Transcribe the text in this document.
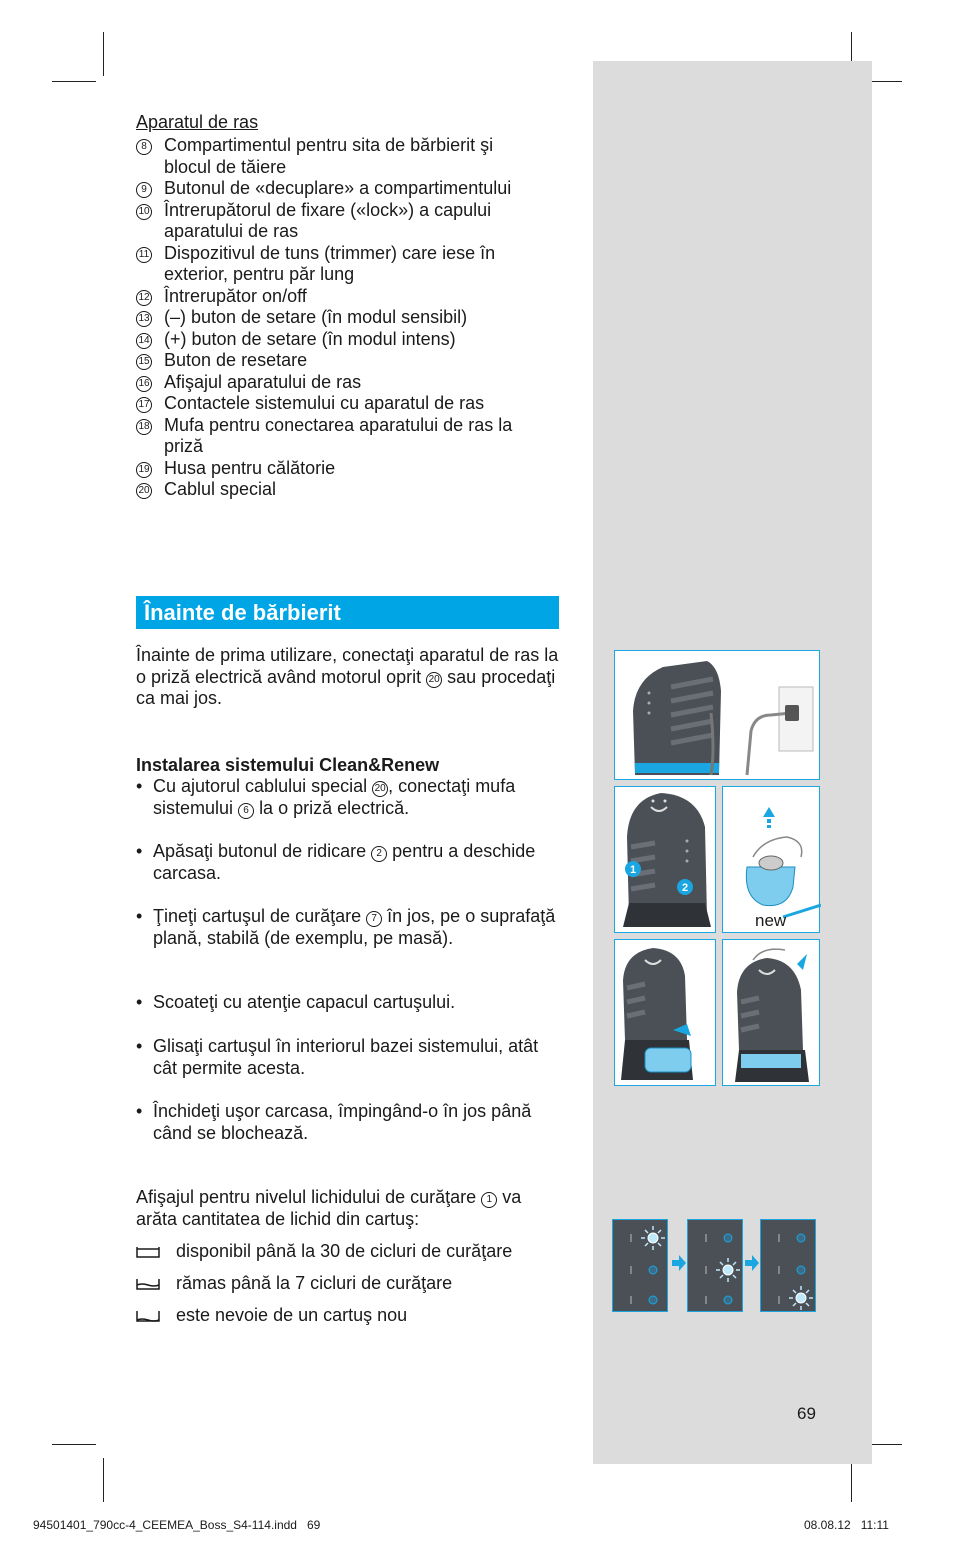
Aparatul de ras
8 Compartimentul pentru sita de bărbierit şi blocul de tăiere
9 Butonul de «decuplare» a compartimentului
10 Întrerupătorul de fixare («lock») a capului aparatului de ras
11 Dispozitivul de tuns (trimmer) care iese în exterior, pentru păr lung
12 Întrerupător on/off
13 (–) buton de setare (în modul sensibil)
14 (+) buton de setare (în modul intens)
15 Buton de resetare
16 Afişajul aparatului de ras
17 Contactele sistemului cu aparatul de ras
18 Mufa pentru conectarea aparatului de ras la priză
19 Husa pentru călătorie
20 Cablul special
Înainte de bărbierit
Înainte de prima utilizare, conectaţi aparatul de ras la o priză electrică având motorul oprit 20 sau procedaţi ca mai jos.
Instalarea sistemului Clean&Renew
• Cu ajutorul cablului special 20 , conectaţi mufa sistemului 6 la o priză electrică.
• Apăsaţi butonul de ridicare 2 pentru a deschide carcasa.
• Ţineţi cartuşul de curăţare 7 în jos, pe o suprafaţă plană, stabilă (de exemplu, pe masă).
• Scoateţi cu atenţie capacul cartuşului.
• Glisaţi cartuşul în interiorul bazei sistemului, atât cât permite acesta.
• Închideţi uşor carcasa, împingând-o în jos până când se blochează.
Afişajul pentru nivelul lichidului de curăţare 1 va arăta cantitatea de lichid din cartuş:
disponibil până la 30 de cicluri de curăţare
rămas până la 7 cicluri de curăţare
este nevoie de un cartuş nou
1
2
new
69
94501401_790cc-4_CEEMEA_Boss_S4-114.indd   69	08.08.12   11:11
